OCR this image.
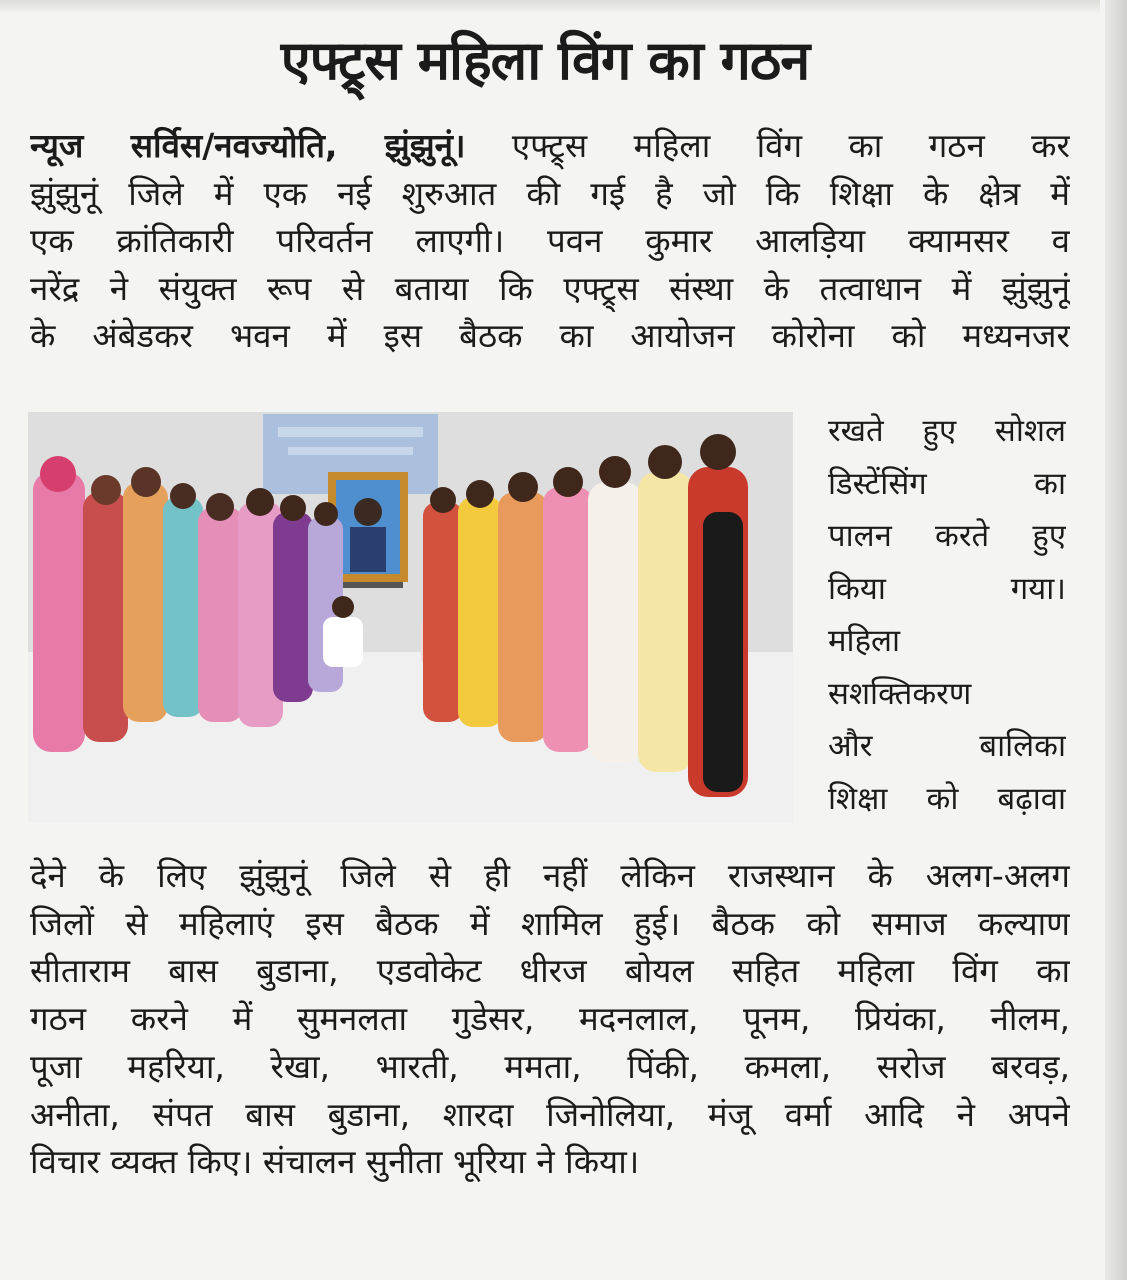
एफ्ट्र्स महिला विंग का गठन
न्यूज सर्विस/नवज्योति, झुंझुनूं। एफ्ट्र्स महिला विंग का गठन कर
झुंझुनूं जिले में एक नई शुरुआत की गई है जो कि शिक्षा के क्षेत्र में
एक क्रांतिकारी परिवर्तन लाएगी। पवन कुमार आलड़िया क्यामसर व
नरेंद्र ने संयुक्त रूप से बताया कि एफ्ट्र्स संस्था के तत्वाधान में झुंझुनूं
के अंबेडकर भवन में इस बैठक का आयोजन कोरोना को मध्यनजर
रखते हुए सोशल
डिस्टेंसिंग का
पालन करते हुए
किया गया।
महिला
सशक्तिकरण
और बालिका
शिक्षा को बढ़ावा
देने के लिए झुंझुनूं जिले से ही नहीं लेकिन राजस्थान के अलग-अलग
जिलों से महिलाएं इस बैठक में शामिल हुई। बैठक को समाज कल्याण
सीताराम बास बुडाना, एडवोकेट धीरज बोयल सहित महिला विंग का
गठन करने में सुमनलता गुडेसर, मदनलाल, पूनम, प्रियंका, नीलम,
पूजा महरिया, रेखा, भारती, ममता, पिंकी, कमला, सरोज बरवड़,
अनीता, संपत बास बुडाना, शारदा जिनोलिया, मंजू वर्मा आदि ने अपने
विचार व्यक्त किए। संचालन सुनीता भूरिया ने किया।
